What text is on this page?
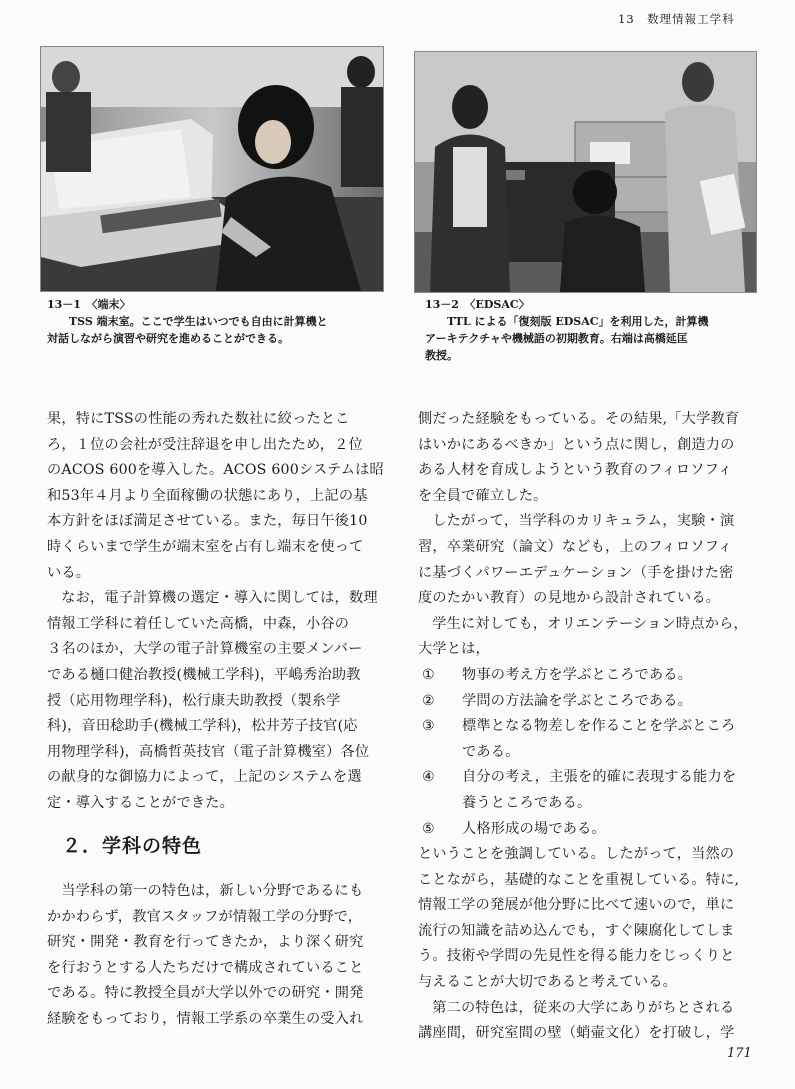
13　数理情報工学科
13－1　〈端末〉
TSS 端末室。ここで学生はいつでも自由に計算機と
対話しながら演習や研究を進めることができる。
13－2　〈EDSAC〉
TTL による「復刻版 EDSAC」を利用した，計算機
アーキテクチャや機械語の初期教育。右端は高橋延匡
教授。

果，特にTSSの性能の秀れた数社に絞ったとこ

ろ，１位の会社が受注辞退を申し出たため，２位

のACOS 600を導入した。ACOS 600システムは昭

和53年４月より全面稼働の状態にあり，上記の基

本方針をほぼ満足させている。また，毎日午後10

時くらいまで学生が端末室を占有し端末を使って

いる。

なお，電子計算機の選定・導入に関しては，数理

情報工学科に着任していた高橋，中森，小谷の

３名のほか，大学の電子計算機室の主要メンバー

である樋口健治教授(機械工学科)，平嶋秀治助教

授（応用物理学科)，松行康夫助教授（製糸学

科)，音田稔助手(機械工学科)，松井芳子技官(応

用物理学科)，高橋哲英技官（電子計算機室）各位

の献身的な御協力によって，上記のシステムを選

定・導入することができた。

２．学科の特色

当学科の第一の特色は，新しい分野であるにも

かかわらず，教官スタッフが情報工学の分野で，

研究・開発・教育を行ってきたか，より深く研究

を行おうとする人たちだけで構成されていること

である。特に教授全員が大学以外での研究・開発

経験をもっており，情報工学系の卒業生の受入れ

側だった経験をもっている。その結果,「大学教育

はいかにあるべきか」という点に関し，創造力の

ある人材を育成しようという教育のフィロソフィ

を全員で確立した。

したがって，当学科のカリキュラム，実験・演

習，卒業研究（論文）なども，上のフィロソフィ

に基づくパワーエデュケーション（手を掛けた密

度のたかい教育）の見地から設計されている。

学生に対しても，オリエンテーション時点から，

大学とは，

①	物事の考え方を学ぶところである。
②	学問の方法論を学ぶところである。
③	標準となる物差しを作ることを学ぶところ
である。
④	自分の考え，主張を的確に表現する能力を
養うところである。
⑤	人格形成の場である。

ということを強調している。したがって，当然の

ことながら，基礎的なことを重視している。特に,

情報工学の発展が他分野に比べて速いので，単に

流行の知識を詰め込んでも，すぐ陳腐化してしま

う。技術や学問の先見性を得る能力をじっくりと

与えることが大切であると考えている。

第二の特色は，従来の大学にありがちとされる

講座間，研究室間の壁（蛸壷文化）を打破し，学

171
